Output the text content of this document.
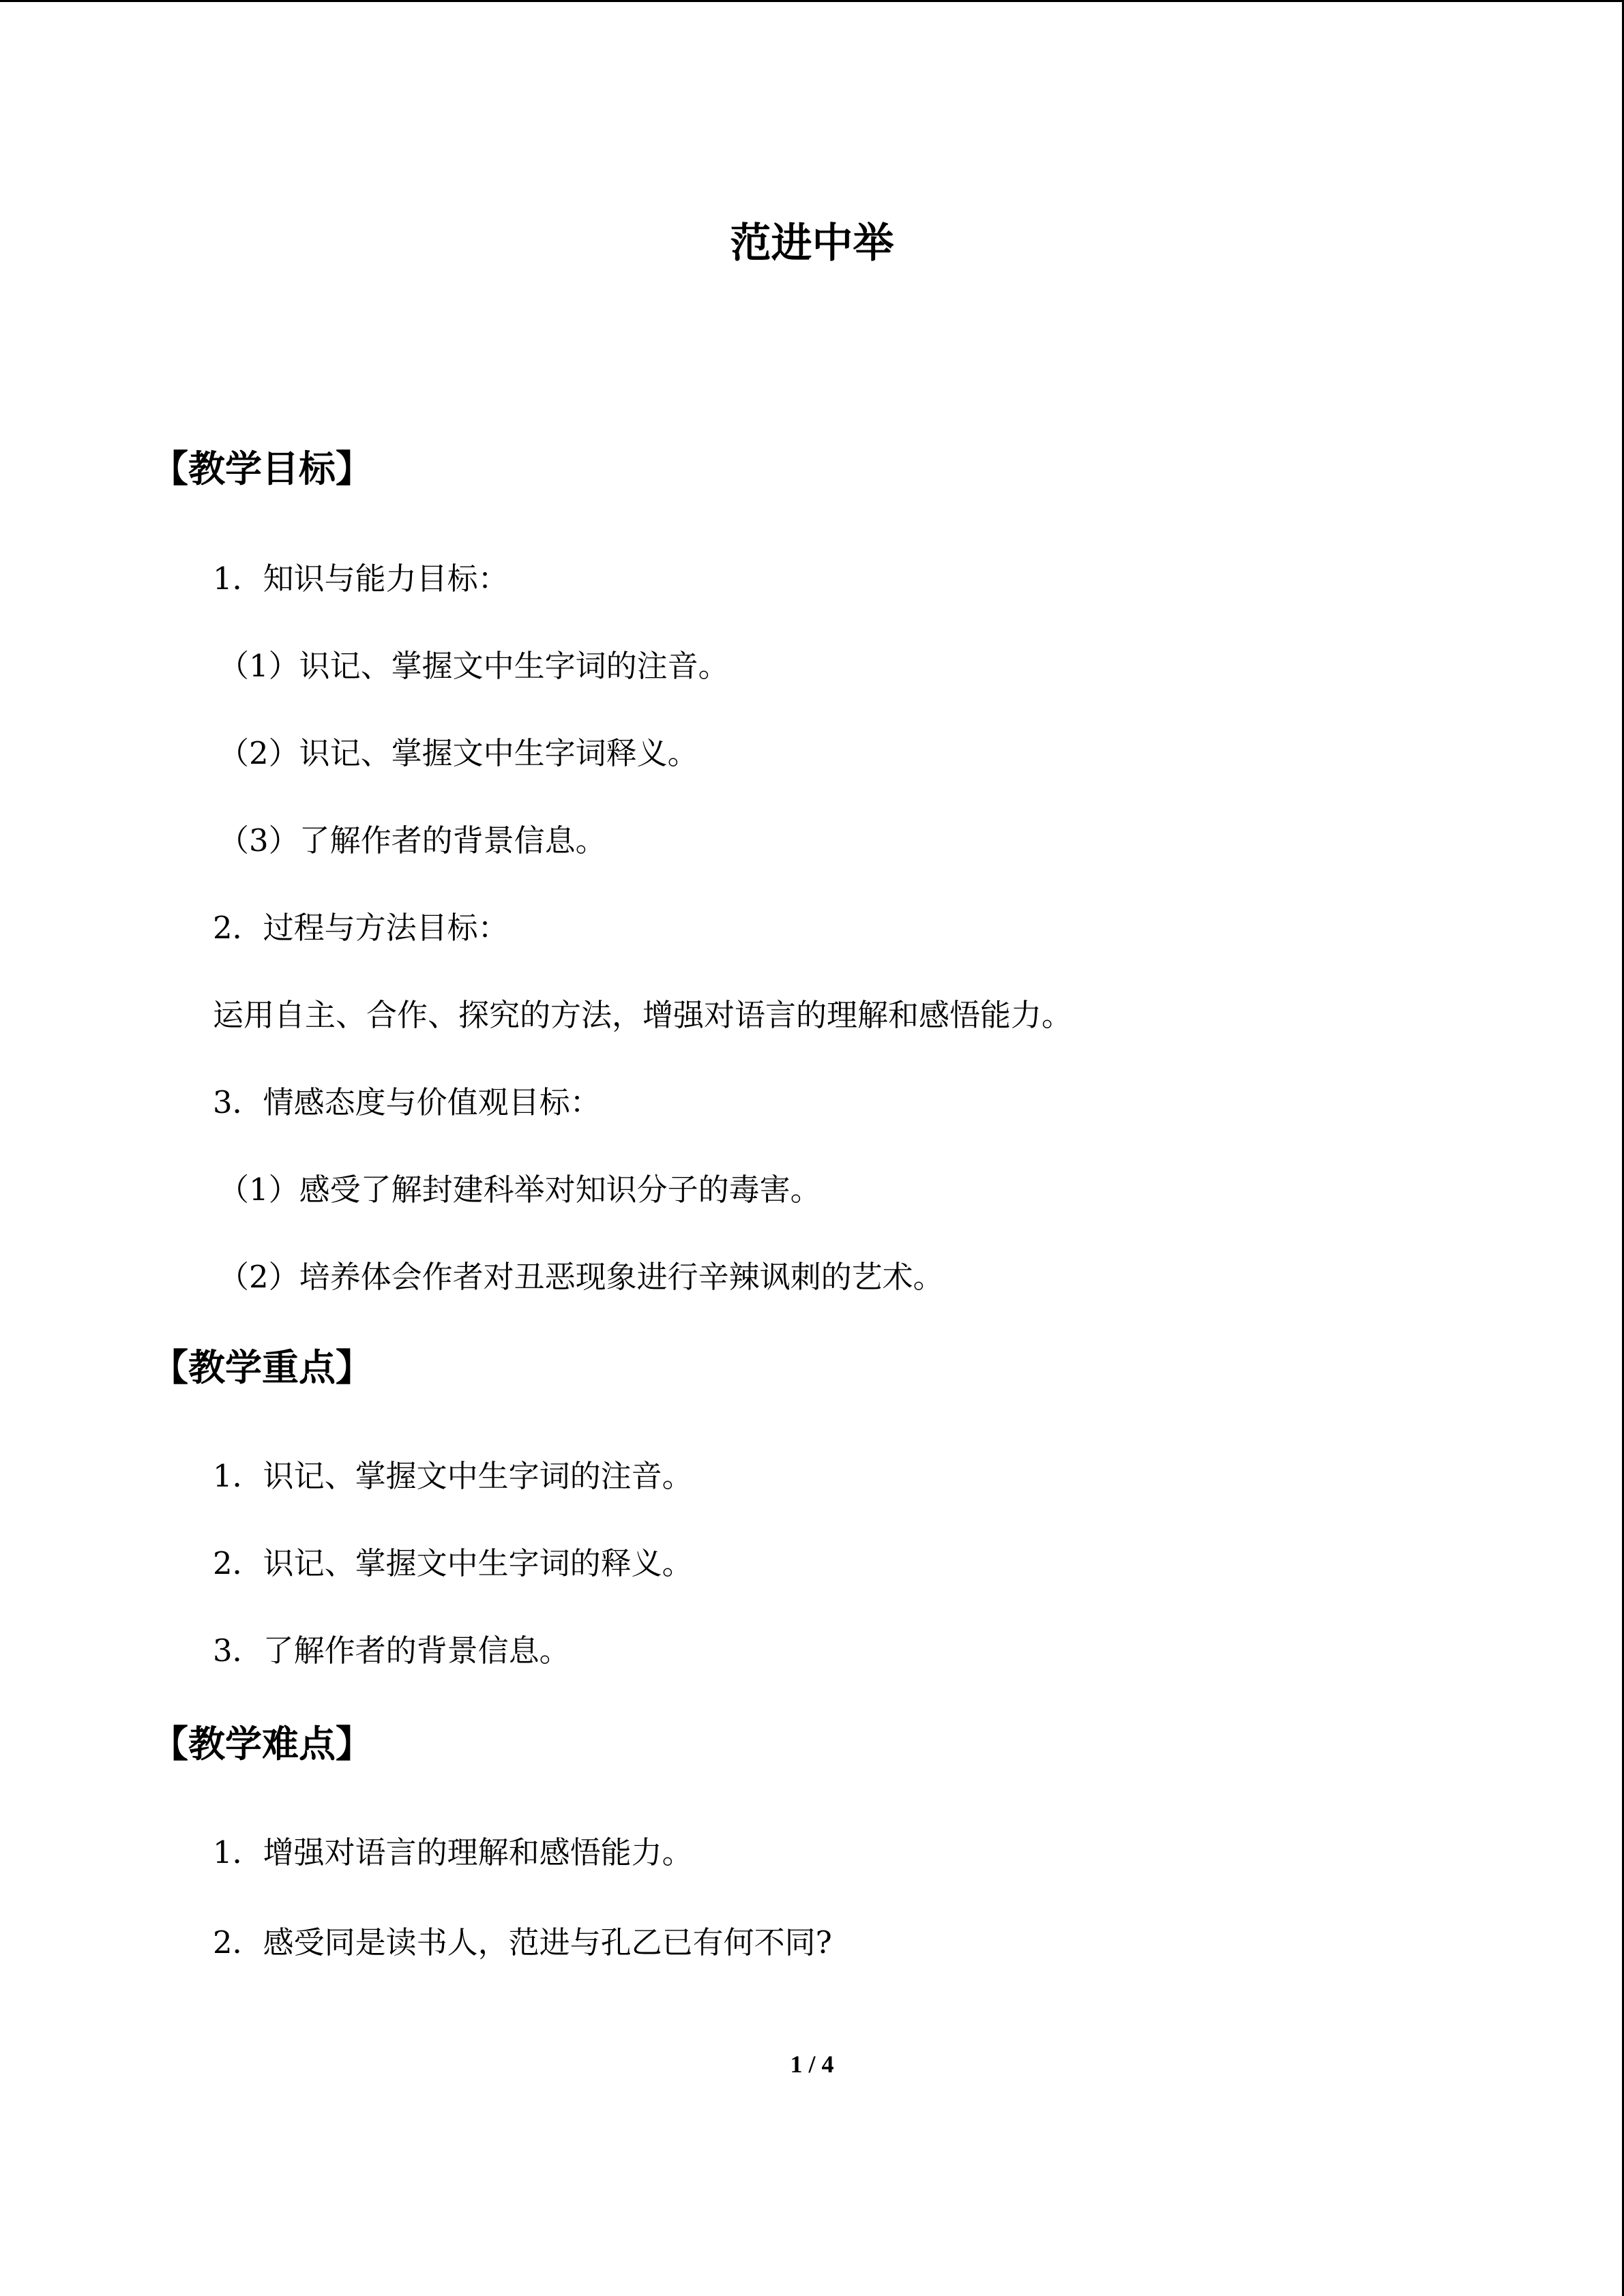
范进中举
【教学目标】
1．知识与能力目标：
（1）识记、掌握文中生字词的注音。
（2）识记、掌握文中生字词释义。
（3）了解作者的背景信息。
2．过程与方法目标：
运用自主、合作、探究的方法，增强对语言的理解和感悟能力。
3．情感态度与价值观目标：
（1）感受了解封建科举对知识分子的毒害。
（2）培养体会作者对丑恶现象进行辛辣讽刺的艺术。
【教学重点】
1．识记、掌握文中生字词的注音。
2．识记、掌握文中生字词的释义。
3．了解作者的背景信息。
【教学难点】
1．增强对语言的理解和感悟能力。
2．感受同是读书人，范进与孔乙已有何不同?
1 / 4
